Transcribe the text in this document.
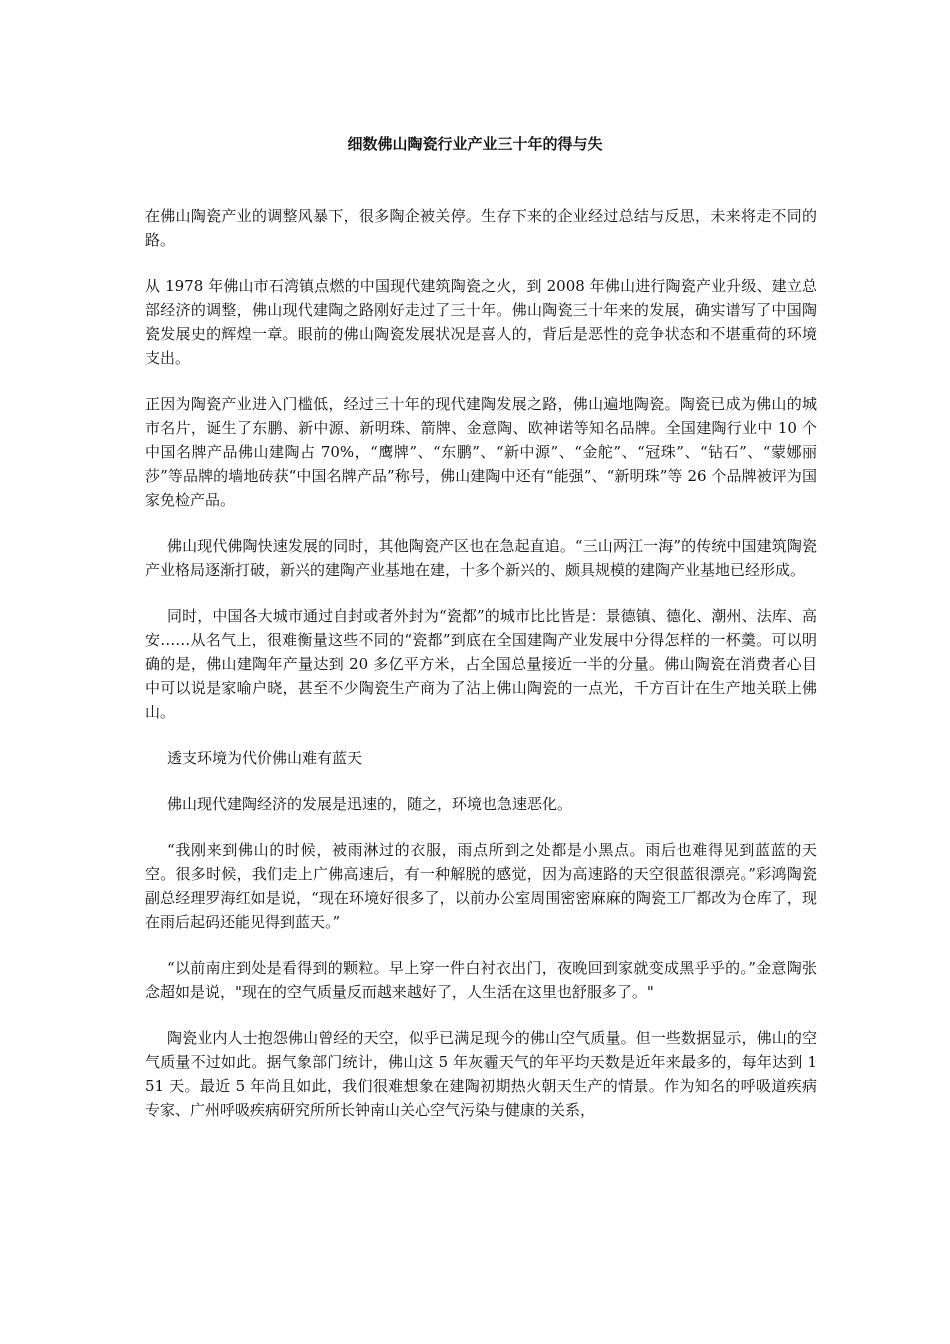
细数佛山陶瓷行业产业三十年的得与失

在佛山陶瓷产业的调整风暴下，很多陶企被关停。生存下来的企业经过总结与反思，未来将走不同的路。

从 1978 年佛山市石湾镇点燃的中国现代建筑陶瓷之火，到 2008 年佛山进行陶瓷产业升级、建立总部经济的调整，佛山现代建陶之路刚好走过了三十年。佛山陶瓷三十年来的发展，确实谱写了中国陶瓷发展史的辉煌一章。眼前的佛山陶瓷发展状况是喜人的，背后是恶性的竞争状态和不堪重荷的环境支出。

正因为陶瓷产业进入门槛低，经过三十年的现代建陶发展之路，佛山遍地陶瓷。陶瓷已成为佛山的城市名片，诞生了东鹏、新中源、新明珠、箭牌、金意陶、欧神诺等知名品牌。全国建陶行业中 10 个中国名牌产品佛山建陶占 70%，“鹰牌”、“东鹏”、“新中源”、“金舵”、“冠珠”、“钻石”、“蒙娜丽莎”等品牌的墙地砖获“中国名牌产品”称号，佛山建陶中还有“能强”、“新明珠”等 26 个品牌被评为国家免检产品。

佛山现代佛陶快速发展的同时，其他陶瓷产区也在急起直追。“三山两江一海”的传统中国建筑陶瓷产业格局逐渐打破，新兴的建陶产业基地在建，十多个新兴的、颇具规模的建陶产业基地已经形成。

同时，中国各大城市通过自封或者外封为“瓷都”的城市比比皆是：景德镇、德化、潮州、法库、高安……从名气上，很难衡量这些不同的“瓷都”到底在全国建陶产业发展中分得怎样的一杯羹。可以明确的是，佛山建陶年产量达到 20 多亿平方米，占全国总量接近一半的分量。佛山陶瓷在消费者心目中可以说是家喻户晓，甚至不少陶瓷生产商为了沾上佛山陶瓷的一点光，千方百计在生产地关联上佛山。

透支环境为代价佛山难有蓝天

佛山现代建陶经济的发展是迅速的，随之，环境也急速恶化。

“我刚来到佛山的时候，被雨淋过的衣服，雨点所到之处都是小黑点。雨后也难得见到蓝蓝的天空。很多时候，我们走上广佛高速后，有一种解脱的感觉，因为高速路的天空很蓝很漂亮。”彩鸿陶瓷副总经理罗海红如是说，“现在环境好很多了，以前办公室周围密密麻麻的陶瓷工厂都改为仓库了，现在雨后起码还能见得到蓝天。”

“以前南庄到处是看得到的颗粒。早上穿一件白衬衣出门，夜晚回到家就变成黑乎乎的。”金意陶张念超如是说，"现在的空气质量反而越来越好了，人生活在这里也舒服多了。"

陶瓷业内人士抱怨佛山曾经的天空，似乎已满足现今的佛山空气质量。但一些数据显示，佛山的空气质量不过如此。据气象部门统计，佛山这 5 年灰霾天气的年平均天数是近年来最多的，每年达到 151 天。最近 5 年尚且如此，我们很难想象在建陶初期热火朝天生产的情景。作为知名的呼吸道疾病专家、广州呼吸疾病研究所所长钟南山关心空气污染与健康的关系，
